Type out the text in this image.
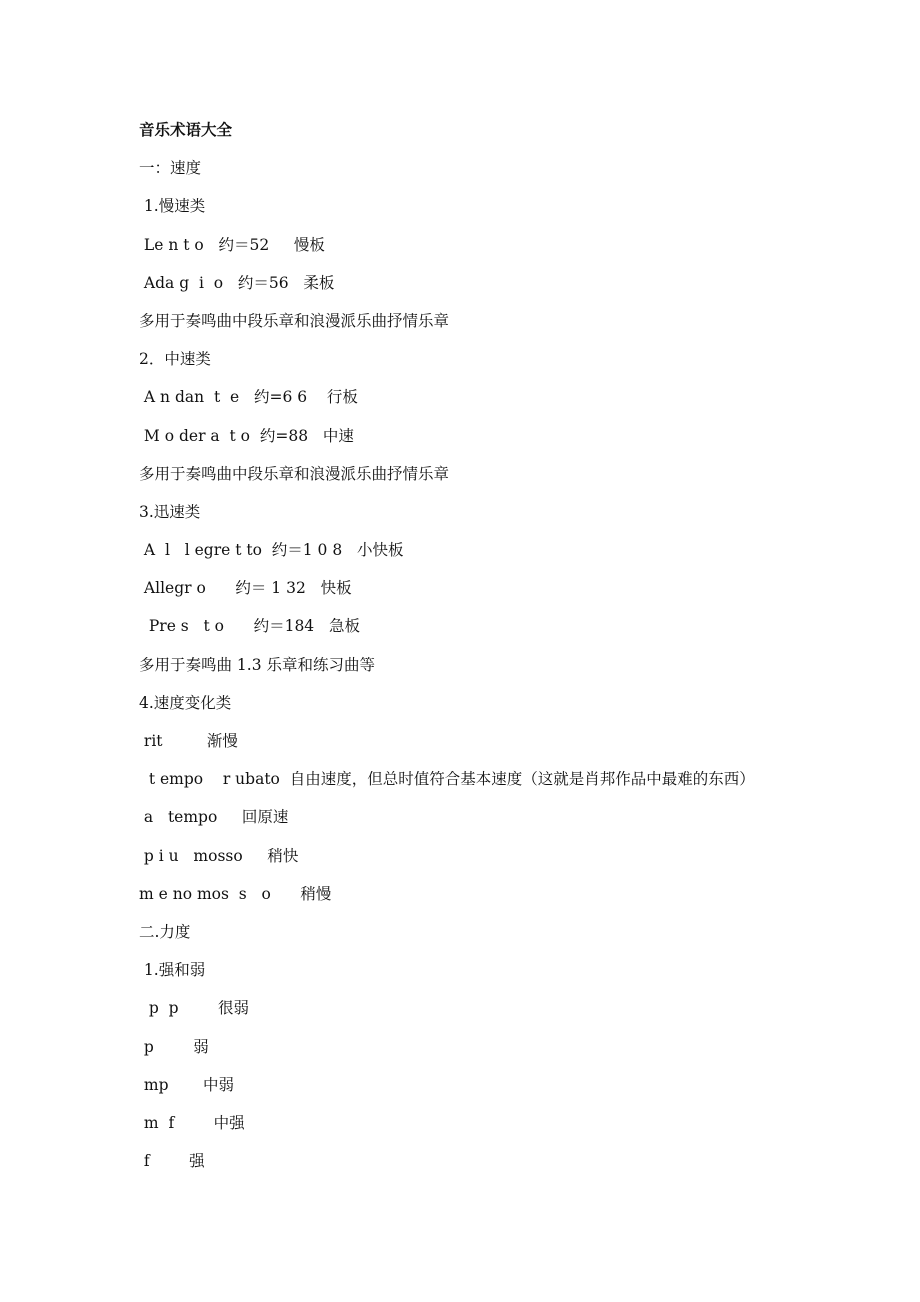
音乐术语大全
一：速度
1.慢速类
Le n t o   约＝52     慢板
Ada g  i  o   约＝56   柔板
多用于奏鸣曲中段乐章和浪漫派乐曲抒情乐章
2．中速类
A n dan  t  e   约=6 6    行板
M o der a  t o  约=88   中速
多用于奏鸣曲中段乐章和浪漫派乐曲抒情乐章
3.迅速类
A  l   l egre t to  约＝1 0 8   小快板
Allegr o      约＝ 1 32   快板
Pre s   t o      约＝184   急板
多用于奏鸣曲 1.3 乐章和练习曲等
4.速度变化类
rit         渐慢
t empo    r ubato  自由速度，但总时值符合基本速度（这就是肖邦作品中最难的东西）
a   tempo     回原速
p i u   mosso     稍快
m e no mos  s   o      稍慢
二.力度
1.强和弱
p  p        很弱
p        弱
mp       中弱
m  f        中强
f        强
